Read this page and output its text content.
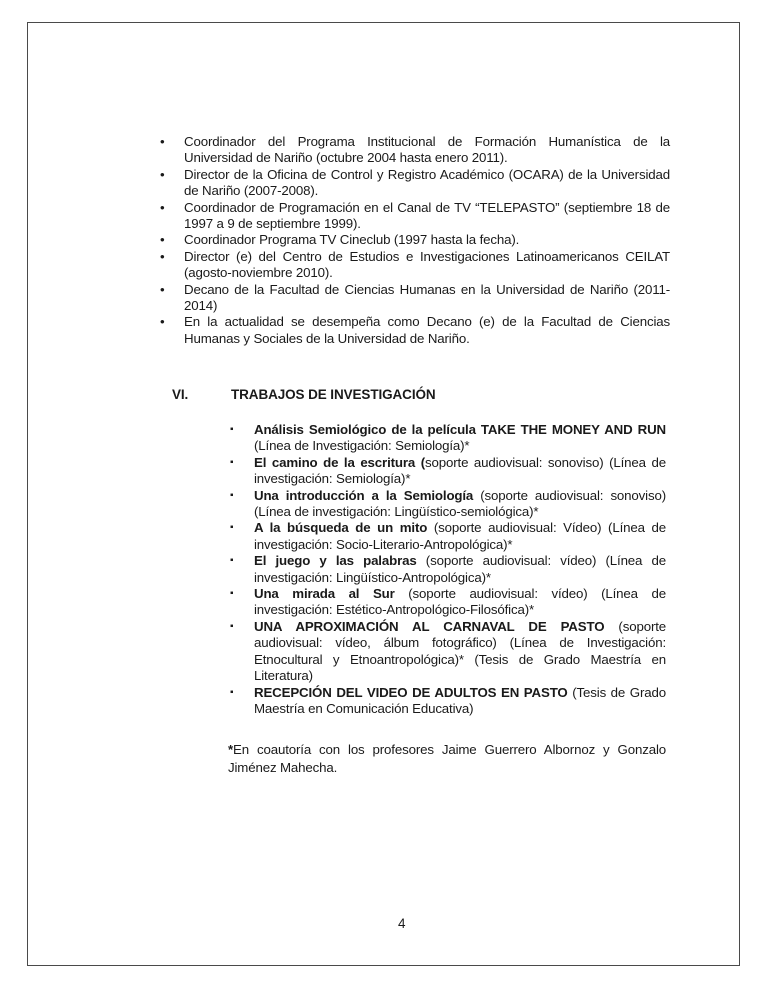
• Coordinador del Programa Institucional de Formación Humanística de la Universidad de Nariño (octubre 2004 hasta enero 2011).
• Director de la Oficina de Control y Registro Académico (OCARA) de la Universidad de Nariño (2007-2008).
• Coordinador de Programación en el Canal de TV “TELEPASTO” (septiembre 18 de 1997 a 9 de septiembre 1999).
• Coordinador Programa TV Cineclub (1997 hasta la fecha).
• Director (e) del Centro de Estudios e Investigaciones Latinoamericanos CEILAT (agosto-noviembre 2010).
• Decano de la Facultad de Ciencias Humanas en la Universidad de Nariño (2011-2014)
• En la actualidad se desempeña como Decano (e) de la Facultad de Ciencias Humanas y Sociales de la Universidad de Nariño.
VI.	TRABAJOS DE INVESTIGACIÓN
▪ Análisis Semiológico de la película TAKE THE MONEY AND RUN (Línea de Investigación: Semiología)*
▪ El camino de la escritura (soporte audiovisual: sonoviso) (Línea de investigación: Semiología)*
▪ Una introducción a la Semiología (soporte audiovisual: sonoviso) (Línea de investigación: Lingüístico-semiológica)*
▪ A la búsqueda de un mito (soporte audiovisual: Vídeo) (Línea de investigación: Socio-Literario-Antropológica)*
▪ El juego y las palabras (soporte audiovisual: vídeo) (Línea de investigación: Lingüístico-Antropológica)*
▪ Una mirada al Sur (soporte audiovisual: vídeo) (Línea de investigación: Estético-Antropológico-Filosófica)*
▪ UNA APROXIMACIÓN AL CARNAVAL DE PASTO (soporte audiovisual: vídeo, álbum fotográfico) (Línea de Investigación: Etnocultural y Etnoantropológica)* (Tesis de Grado Maestría en Literatura)
▪ RECEPCIÓN DEL VIDEO DE ADULTOS EN PASTO (Tesis de Grado Maestría en Comunicación Educativa)
*En coautoría con los profesores Jaime Guerrero Albornoz y Gonzalo Jiménez Mahecha.
4
